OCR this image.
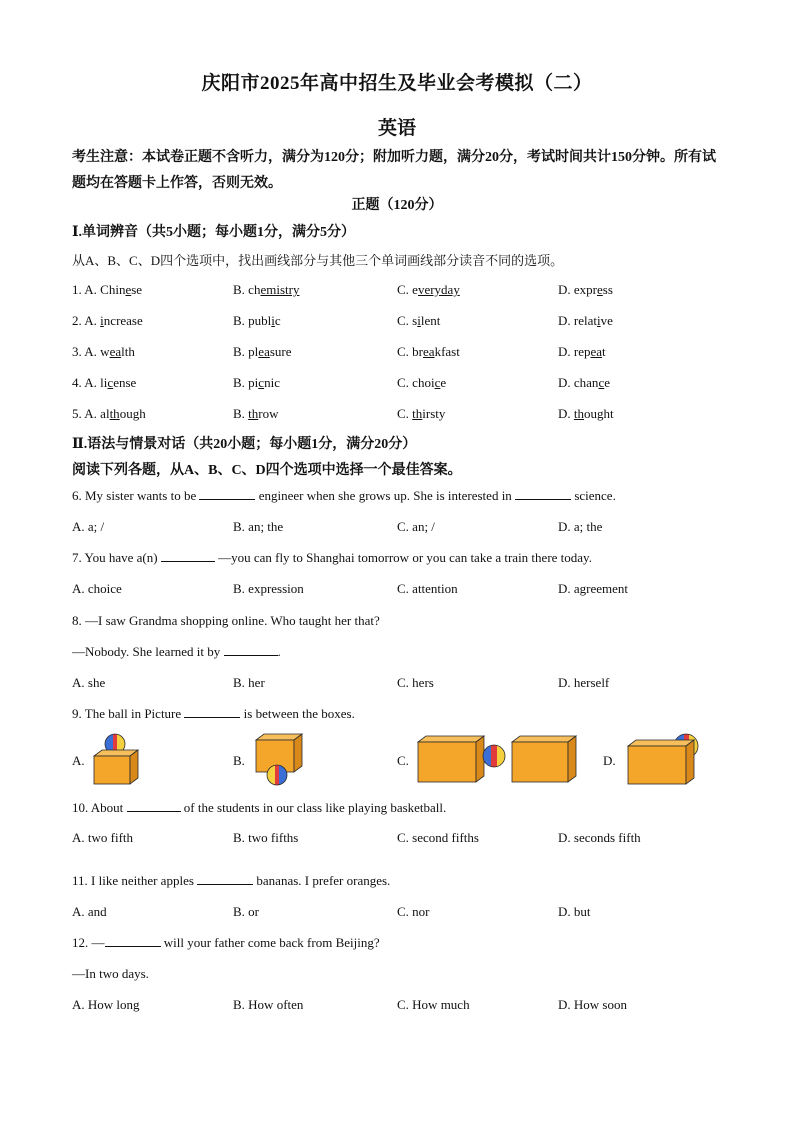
庆阳市2025年高中招生及毕业会考模拟（二）
英语
考生注意：本试卷正题不含听力，满分为120分；附加听力题，满分20分，考试时间共计150分钟。所有试题均在答题卡上作答，否则无效。
正题（120分）
Ⅰ.单词辨音（共5小题；每小题1分，满分5分）
从A、B、C、D四个选项中，找出画线部分与其他三个单词画线部分读音不同的选项。
1. A. Chinese	B. chemistry	C. everyday	D. express
2. A. increase	B. public	C. silent	D. relative
3. A. wealth	B. pleasure	C. breakfast	D. repeat
4. A. license	B. picnic	C. choice	D. chance
5. A. although	B. throw	C. thirsty	D. thought
Ⅱ.语法与情景对话（共20小题；每小题1分，满分20分）
阅读下列各题，从A、B、C、D四个选项中选择一个最佳答案。
6. My sister wants to be	engineer when she grows up. She is interested in	science.
A. a; /	B. an; the	C. an; /	D. a; the
7. You have a(n)	—you can fly to Shanghai tomorrow or you can take a train there today.
A. choice	B. expression	C. attention	D. agreement
8. —I saw Grandma shopping online. Who taught her that?
—Nobody. She learned it by	.
A. she	B. her	C. hers	D. herself
9. The ball in Picture	is between the boxes.
A.	B.	C.	D.
10. About	of the students in our class like playing basketball.
A. two fifth	B. two fifths	C. second fifths	D. seconds fifth
11. I like neither apples	bananas. I prefer oranges.
A. and	B. or	C. nor	D. but
12. —	will your father come back from Beijing?
—In two days.
A. How long	B. How often	C. How much	D. How soon
